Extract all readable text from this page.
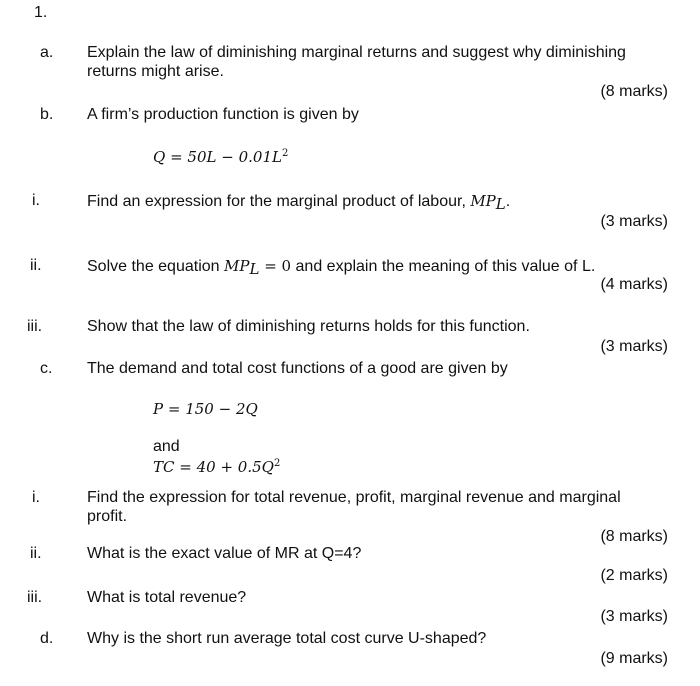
1.
a. Explain the law of diminishing marginal returns and suggest why diminishing
returns might arise.
(8 marks)
b. A firm’s production function is given by
$Q = 50L - 0.01L^2$
i.	Find an expression for the marginal product of labour, $MP_L$.
(3 marks)
ii.	Solve the equation $MP_L = 0$ and explain the meaning of this value of L.
(4 marks)
iii.	Show that the law of diminishing returns holds for this function.
(3 marks)
c. The demand and total cost functions of a good are given by
P = 150 − 2Q
and
TC = $40 + 0.5Q^2$
i.	Find the expression for total revenue, profit, marginal revenue and marginal
profit.
(8 marks)
ii.	What is the exact value of MR at Q=4?
(2 marks)
iii.	What is total revenue?
(3 marks)
d. Why is the short run average total cost curve U-shaped?
(9 marks)
